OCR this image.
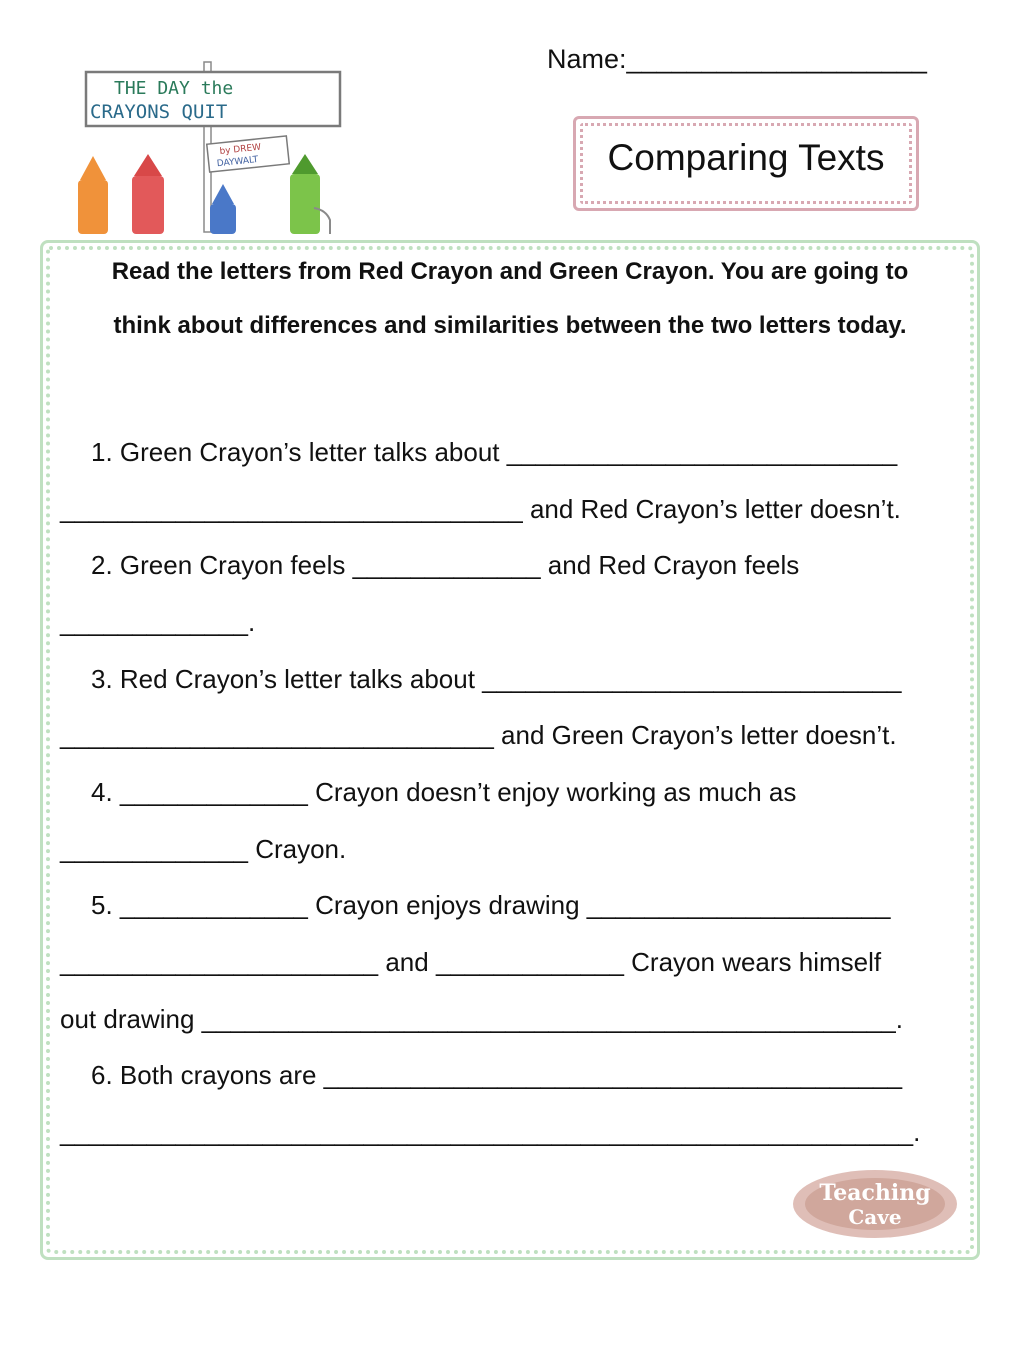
THE DAY the
CRAYONS QUIT
by DREW
DAYWALT
Name:____________________
Comparing Texts
Read the letters from Red Crayon and Green Crayon. You are going to
think about differences and similarities between the two letters today.
1. Green Crayon’s letter talks about ___________________________
________________________________ and Red Crayon’s letter doesn’t.
2. Green Crayon feels _____________ and Red Crayon feels
_____________.
3. Red Crayon’s letter talks about _____________________________
______________________________ and Green Crayon’s letter doesn’t.
4. _____________ Crayon doesn’t enjoy working as much as
_____________ Crayon.
5. _____________ Crayon enjoys drawing _____________________
______________________ and _____________ Crayon wears himself
out drawing ________________________________________________.
6. Both crayons are ________________________________________
___________________________________________________________.
Teaching
Cave
